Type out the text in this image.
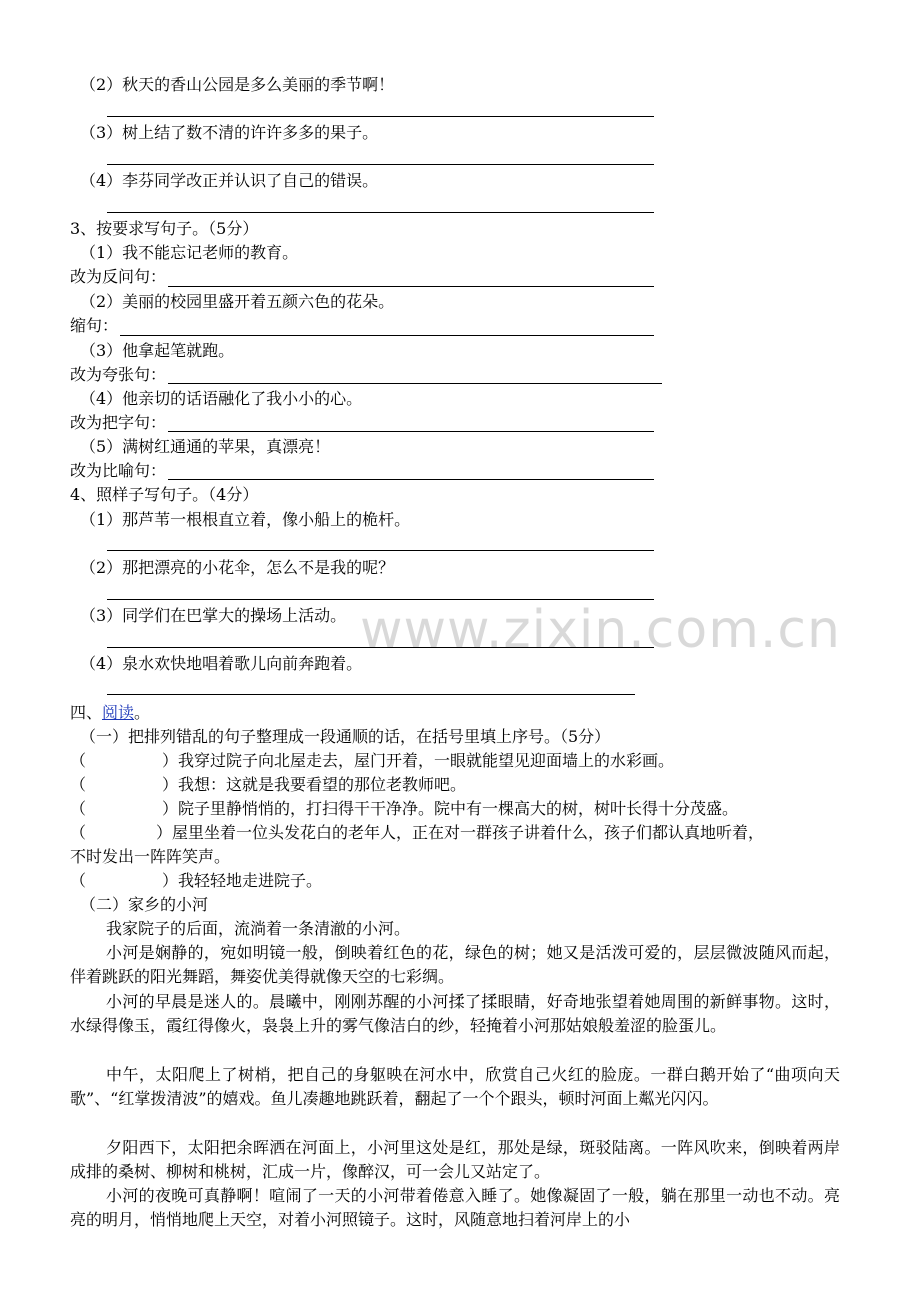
（2）秋天的香山公园是多么美丽的季节啊！
（3）树上结了数不清的许许多多的果子。
（4）李芬同学改正并认识了自己的错误。
3、按要求写句子。（5分）
（1）我不能忘记老师的教育。
改为反问句：
（2）美丽的校园里盛开着五颜六色的花朵。
缩句：
（3）他拿起笔就跑。
改为夸张句：
（4）他亲切的话语融化了我小小的心。
改为把字句：
（5）满树红通通的苹果，真漂亮！
改为比喻句：
4、照样子写句子。（4分）
（1）那芦苇一根根直立着，像小船上的桅杆。
（2）那把漂亮的小花伞，怎么不是我的呢？
（3）同学们在巴掌大的操场上活动。
（4）泉水欢快地唱着歌儿向前奔跑着。
四、阅读。
（一）把排列错乱的句子整理成一段通顺的话，在括号里填上序号。（5分）
（	）我穿过院子向北屋走去，屋门开着，一眼就能望见迎面墙上的水彩画。
（	）我想：这就是我要看望的那位老教师吧。
（	）院子里静悄悄的，打扫得干干净净。院中有一棵高大的树，树叶长得十分茂盛。
（	）屋里坐着一位头发花白的老年人，正在对一群孩子讲着什么，孩子们都认真地听着，
不时发出一阵阵笑声。
（	）我轻轻地走进院子。
（二）家乡的小河
我家院子的后面，流淌着一条清澈的小河。
小河是娴静的，宛如明镜一般，倒映着红色的花，绿色的树；她又是活泼可爱的，层层微波随风而起，伴着跳跃的阳光舞蹈，舞姿优美得就像天空的七彩绸。
小河的早晨是迷人的。晨曦中，刚刚苏醒的小河揉了揉眼睛，好奇地张望着她周围的新鲜事物。这时，水绿得像玉，霞红得像火，袅袅上升的雾气像洁白的纱，轻掩着小河那姑娘般羞涩的脸蛋儿。
中午，太阳爬上了树梢，把自己的身躯映在河水中，欣赏自己火红的脸庞。一群白鹅开始了“曲项向天歌”、“红掌拨清波”的嬉戏。鱼儿凑趣地跳跃着，翻起了一个个跟头，顿时河面上粼光闪闪。
夕阳西下，太阳把余晖洒在河面上，小河里这处是红，那处是绿，斑驳陆离。一阵风吹来，倒映着两岸成排的桑树、柳树和桃树，汇成一片，像醉汉，可一会儿又站定了。
小河的夜晚可真静啊！喧闹了一天的小河带着倦意入睡了。她像凝固了一般，躺在那里一动也不动。亮亮的明月，悄悄地爬上天空，对着小河照镜子。这时，风随意地扫着河岸上的小
www.zixin.com.cn
